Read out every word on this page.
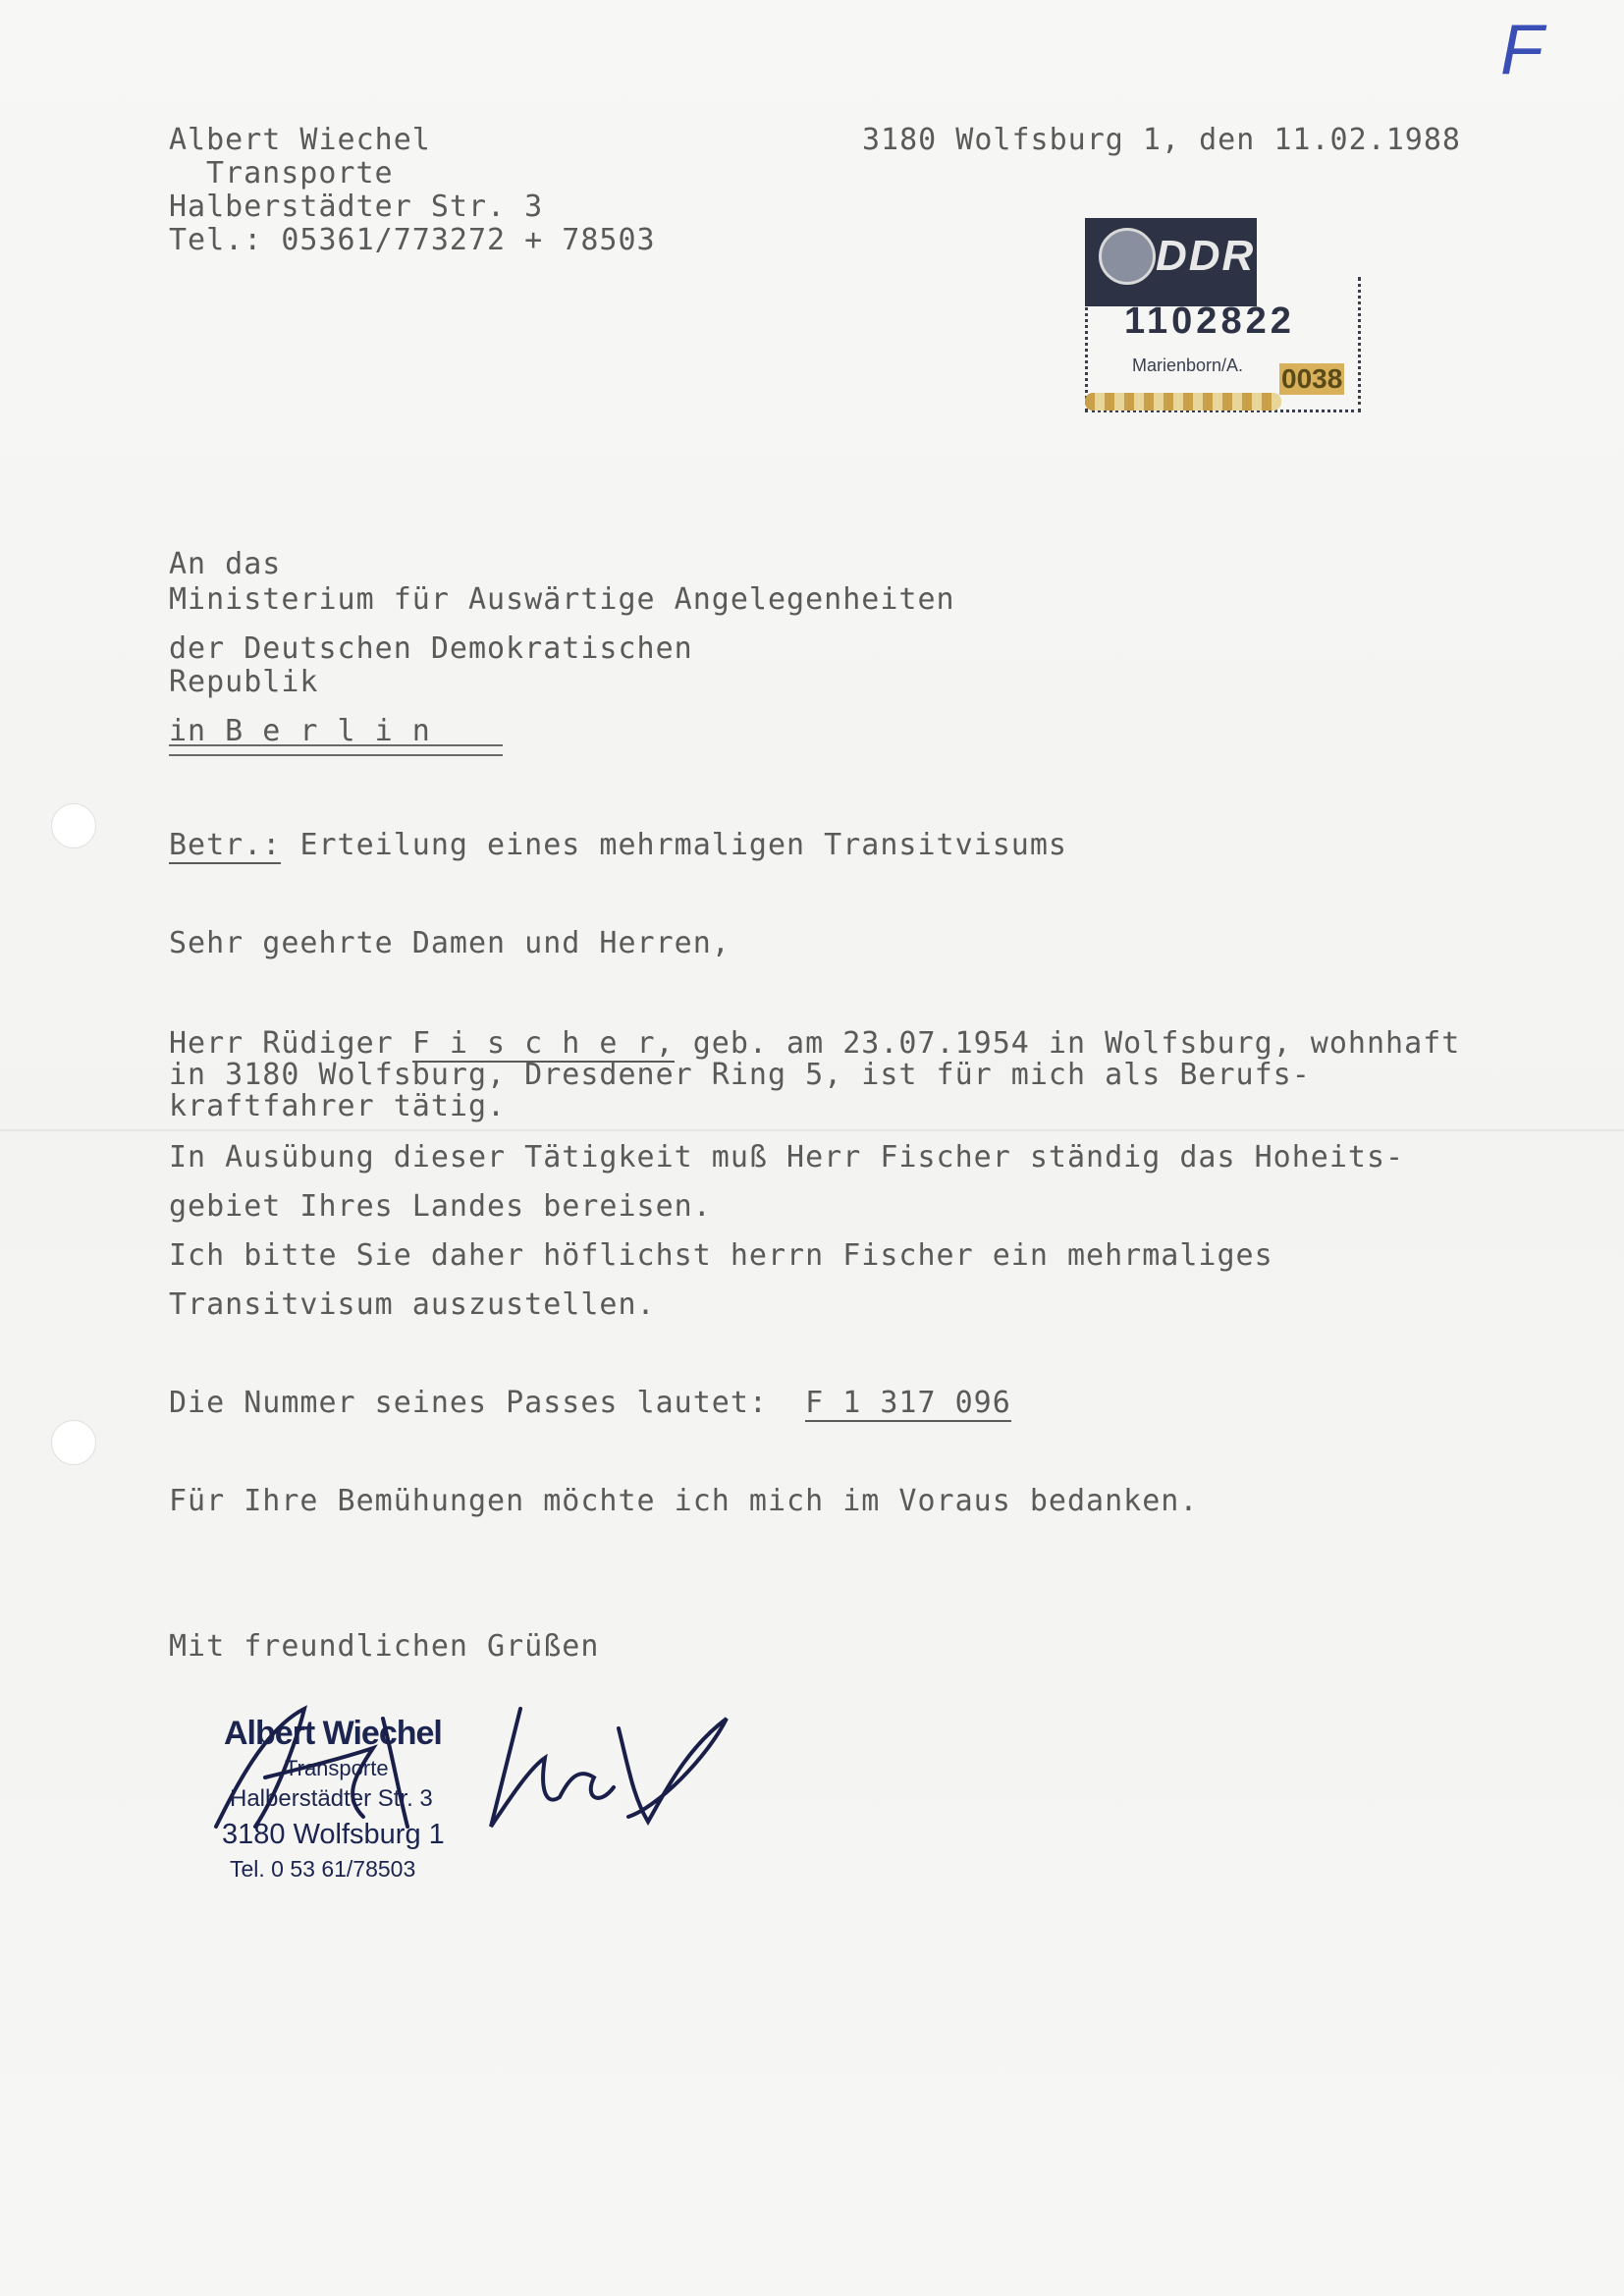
F
Albert Wiechel
Transporte
Halberstädter Str. 3
Tel.: 05361/773272 + 78503
3180 Wolfsburg 1, den 11.02.1988
DDR
1102822
Marienborn/A. 0038
An das
Ministerium für Auswärtige Angelegenheiten
der Deutschen Demokratischen
Republik
in B e r l i n
Betr.: Erteilung eines mehrmaligen Transitvisums
Sehr geehrte Damen und Herren,
Herr Rüdiger F i s c h e r, geb. am 23.07.1954 in Wolfsburg, wohnhaft
in 3180 Wolfsburg, Dresdener Ring 5, ist für mich als Berufs-
kraftfahrer tätig.
In Ausübung dieser Tätigkeit muß Herr Fischer ständig das Hoheits-
gebiet Ihres Landes bereisen.
Ich bitte Sie daher höflichst herrn Fischer ein mehrmaliges
Transitvisum auszustellen.
Die Nummer seines Passes lautet: F 1 317 096
Für Ihre Bemühungen möchte ich mich im Voraus bedanken.
Mit freundlichen Grüßen
Albert Wiechel
Transporte
Halberstädter Str. 3
3180 Wolfsburg 1
Tel. 0 53 61/78503
